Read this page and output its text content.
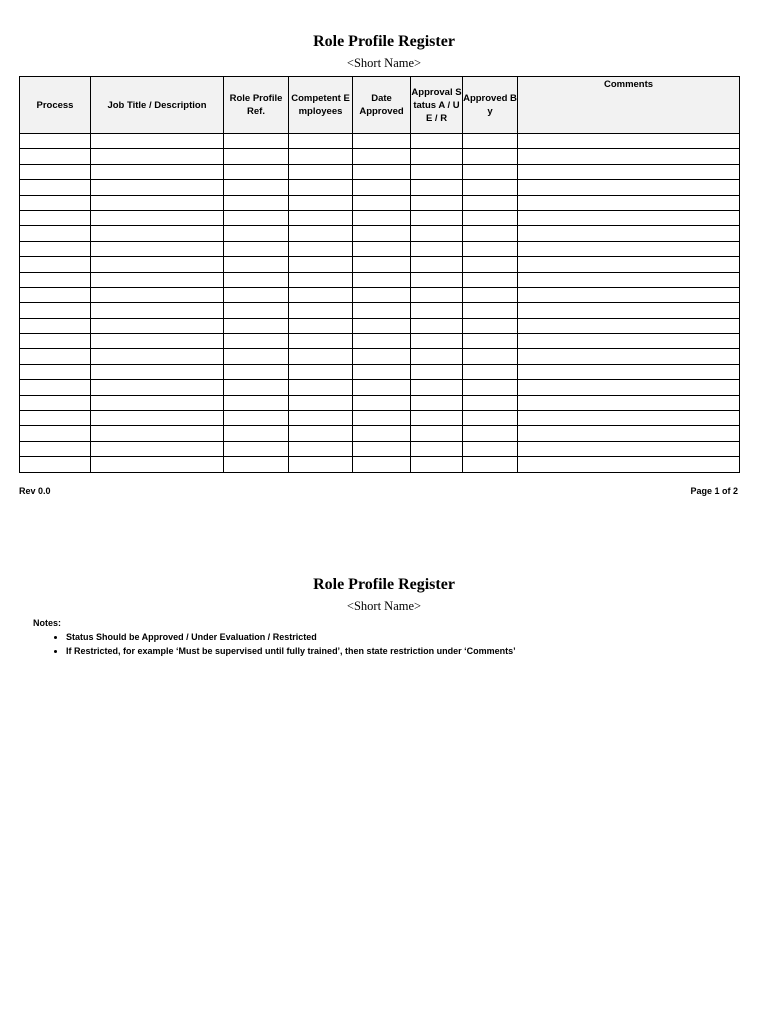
Role Profile Register
<Short Name>
Process	Job Title / Description	Role Profile Ref.	Competent Employees	Date Approved	Approval Status A / UE / R	Approved By	Comments

Rev 0.0	Page 1 of 2
Role Profile Register
<Short Name>
Notes:
• Status Should be Approved / Under Evaluation / Restricted
• If Restricted, for example ‘Must be supervised until fully trained’, then state restriction under ‘Comments’
